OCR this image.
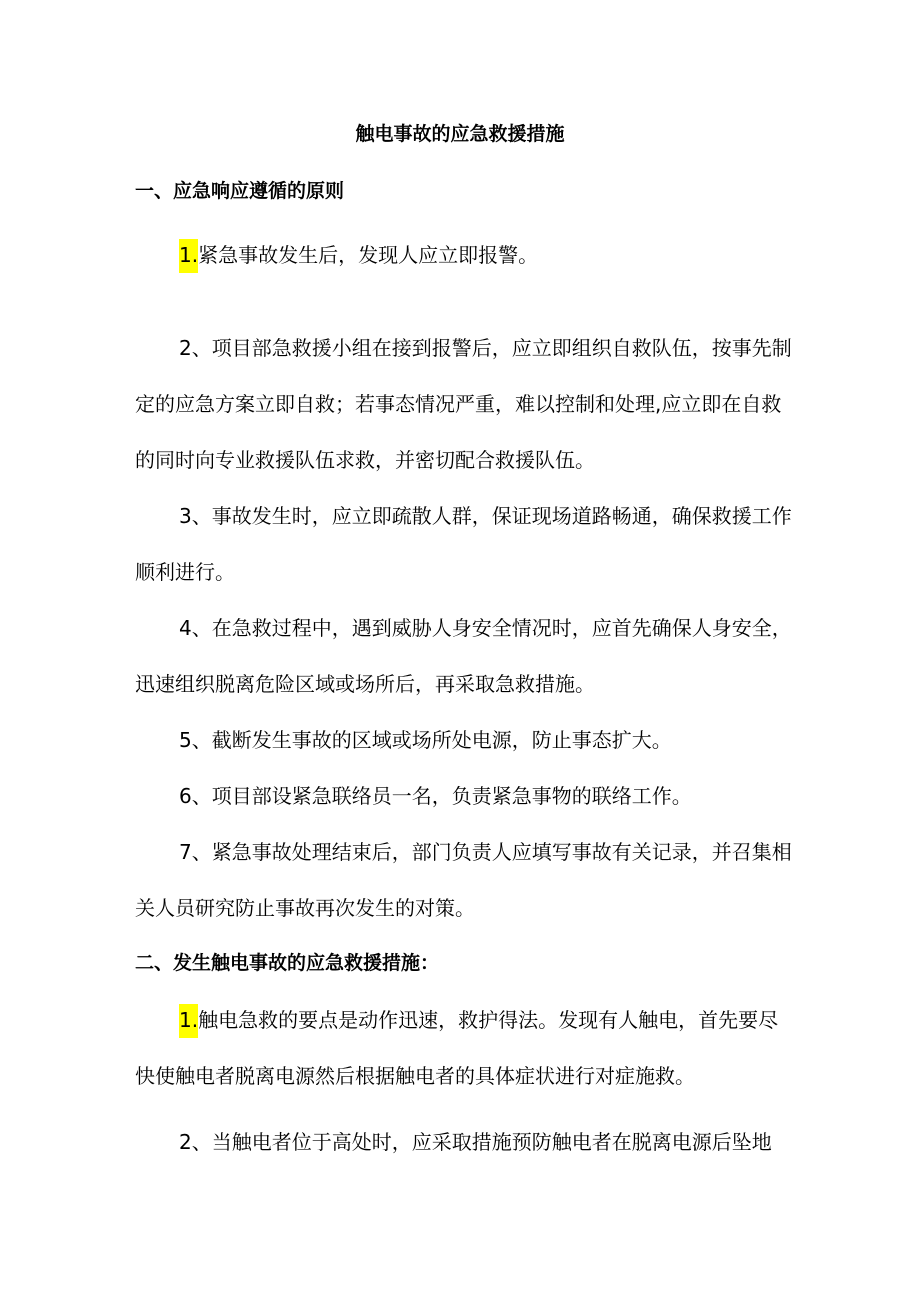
触电事故的应急救援措施
一、应急响应遵循的原则

1.紧急事故发生后，发现人应立即报警。

2、项目部急救援小组在接到报警后，应立即组织自救队伍，按事先制定的应急方案立即自救；若事态情况严重，难以控制和处理,应立即在自救的同时向专业救援队伍求救，并密切配合救援队伍。

3、事故发生时，应立即疏散人群，保证现场道路畅通，确保救援工作顺利进行。

4、在急救过程中，遇到威胁人身安全情况时，应首先确保人身安全，迅速组织脱离危险区域或场所后，再采取急救措施。

5、截断发生事故的区域或场所处电源，防止事态扩大。

6、项目部设紧急联络员一名，负责紧急事物的联络工作。

7、紧急事故处理结束后，部门负责人应填写事故有关记录，并召集相关人员研究防止事故再次发生的对策。

二、发生触电事故的应急救援措施：

1.触电急救的要点是动作迅速，救护得法。发现有人触电，首先要尽快使触电者脱离电源然后根据触电者的具体症状进行对症施救。

2、当触电者位于高处时，应采取措施预防触电者在脱离电源后坠地
